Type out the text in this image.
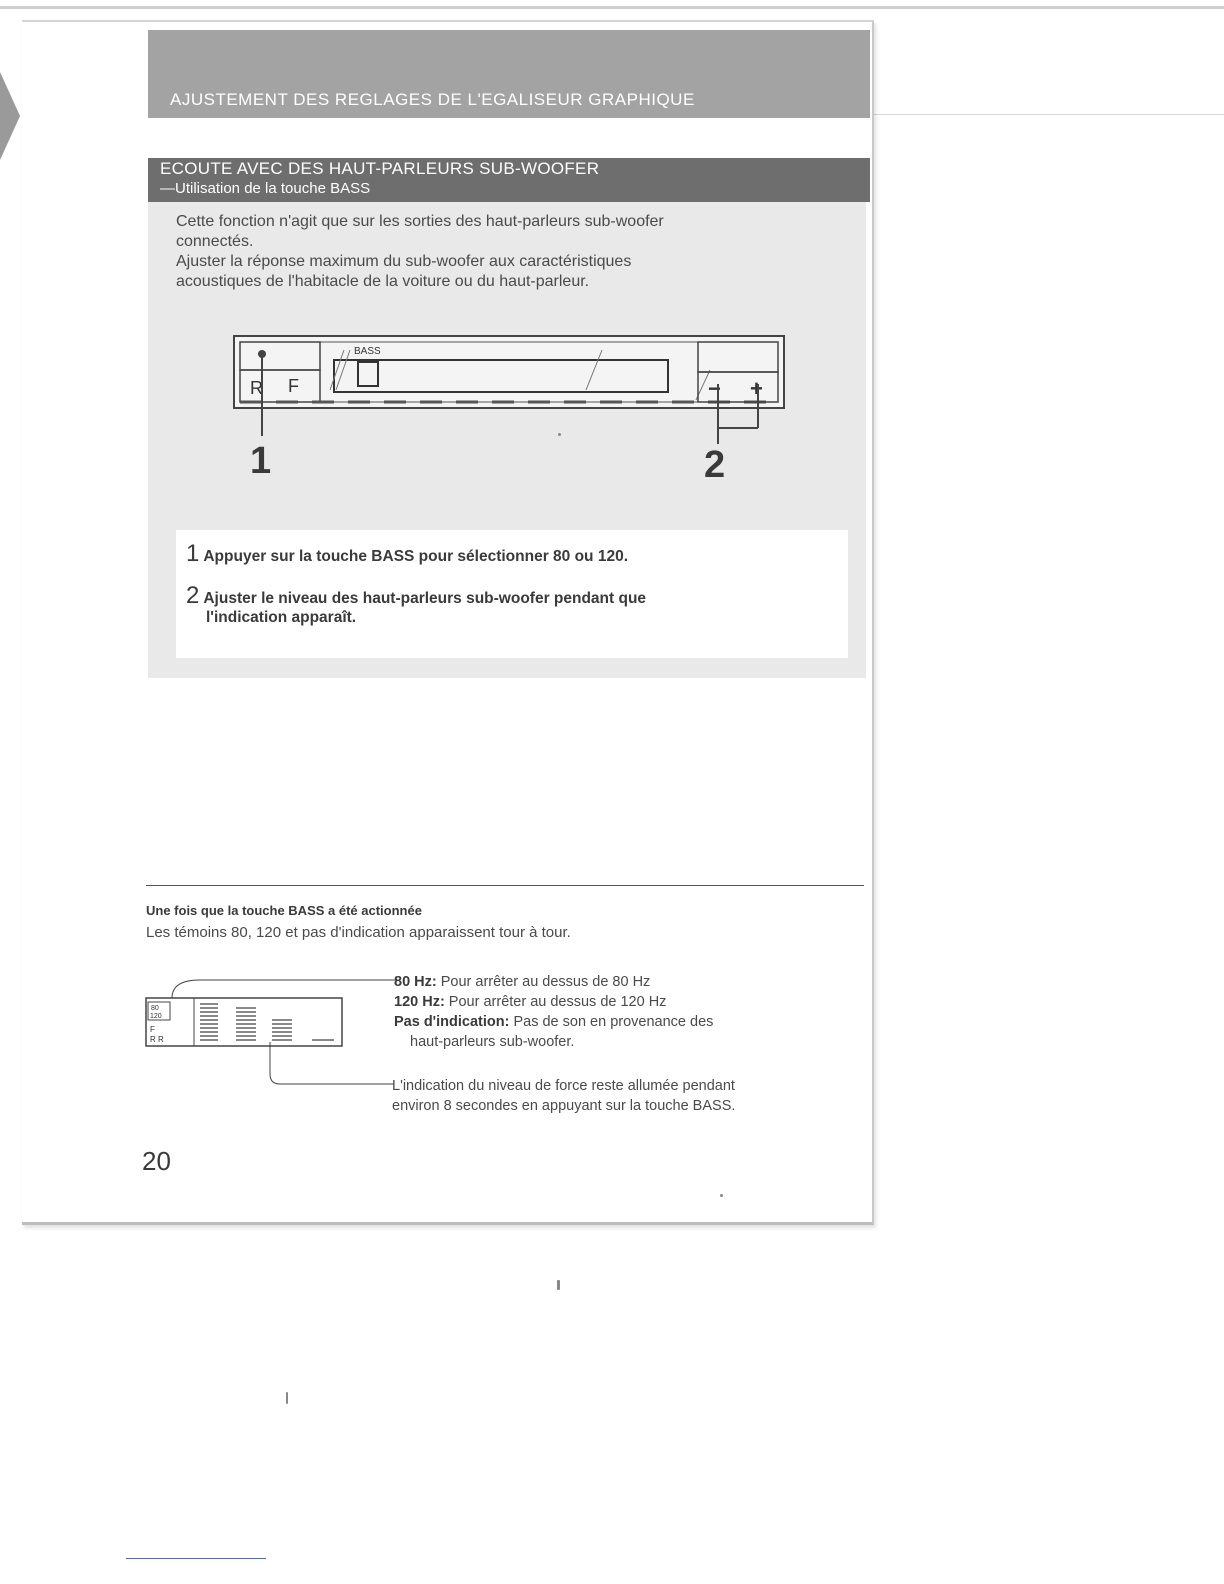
AJUSTEMENT DES REGLAGES DE L'EGALISEUR GRAPHIQUE
ECOUTE AVEC DES HAUT-PARLEURS SUB-WOOFER
—Utilisation de la touche BASS

Cette fonction n'agit que sur les sorties des haut-parleurs sub-woofer

connectés.

Ajuster la réponse maximum du sub-woofer aux caractéristiques

acoustiques de l'habitacle de la voiture ou du haut-parleur.

R F
BASS
− +
1	2
1 Appuyer sur la touche BASS pour sélectionner 80 ou 120.
2 Ajuster le niveau des haut-parleurs sub-woofer pendant que
l'indication apparaît.
Une fois que la touche BASS a été actionnée
Les témoins 80, 120 et pas d'indication apparaissent tour à tour.
80
120
F
R R
80 Hz: Pour arrêter au dessus de 80 Hz
120 Hz: Pour arrêter au dessus de 120 Hz
Pas d'indication: Pas de son en provenance des
haut-parleurs sub-woofer.
L'indication du niveau de force reste allumée pendant
environ 8 secondes en appuyant sur la touche BASS.
20
